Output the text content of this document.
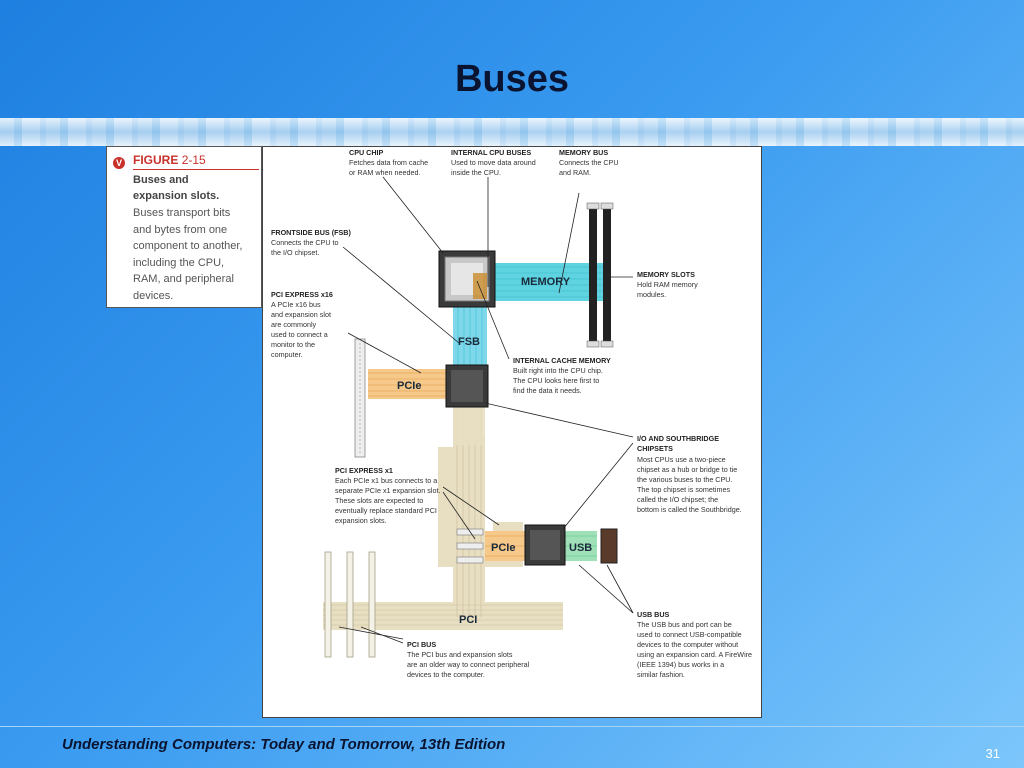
Buses
V FIGURE 2-15
Buses and
expansion slots.
Buses transport bits
and bytes from one
component to another,
including the CPU,
RAM, and peripheral
devices.
PCI
MEMORY
FSB
PCIe
PCIe	USB
CPU CHIP
Fetches data from cache
or RAM when needed.
INTERNAL CPU BUSES
Used to move data around
inside the CPU.
MEMORY BUS
Connects the CPU
and RAM.
FRONTSIDE BUS (FSB)
Connects the CPU to
the I/O chipset.
MEMORY SLOTS
Hold RAM memory
modules.
PCI EXPRESS x16
A PCIe x16 bus
and expansion slot
are commonly
used to connect a
monitor to the
computer.
INTERNAL CACHE MEMORY
Built right into the CPU chip.
The CPU looks here first to
find the data it needs.
I/O AND SOUTHBRIDGE
CHIPSETS
Most CPUs use a two-piece
chipset as a hub or bridge to tie
the various buses to the CPU.
The top chipset is sometimes
called the I/O chipset; the
bottom is called the Southbridge.
PCI EXPRESS x1
Each PCIe x1 bus connects to a
separate PCIe x1 expansion slot.
These slots are expected to
eventually replace standard PCI
expansion slots.
USB BUS
The USB bus and port can be
used to connect USB-compatible
devices to the computer without
using an expansion card. A FireWire
(IEEE 1394) bus works in a
similar fashion.
PCI BUS
The PCI bus and expansion slots
are an older way to connect peripheral
devices to the computer.
Understanding Computers: Today and Tomorrow, 13th Edition
31
